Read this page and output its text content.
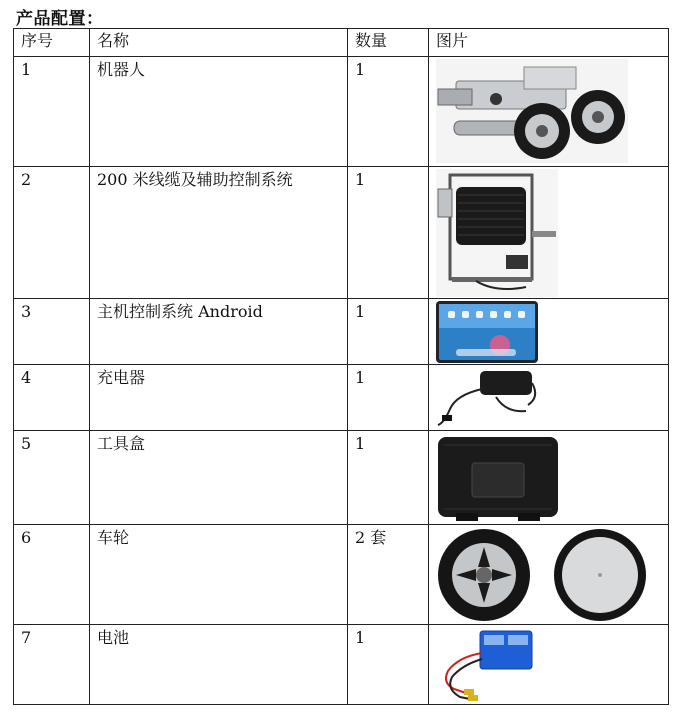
产品配置：
序号	名称	数量	图片
1	机器人	1	

2	200 米线缆及辅助控制系统	1	

3	主机控制系统 Android	1	

4	充电器	1	

5	工具盒	1	

6	车轮	2 套	

7	电池	1	
